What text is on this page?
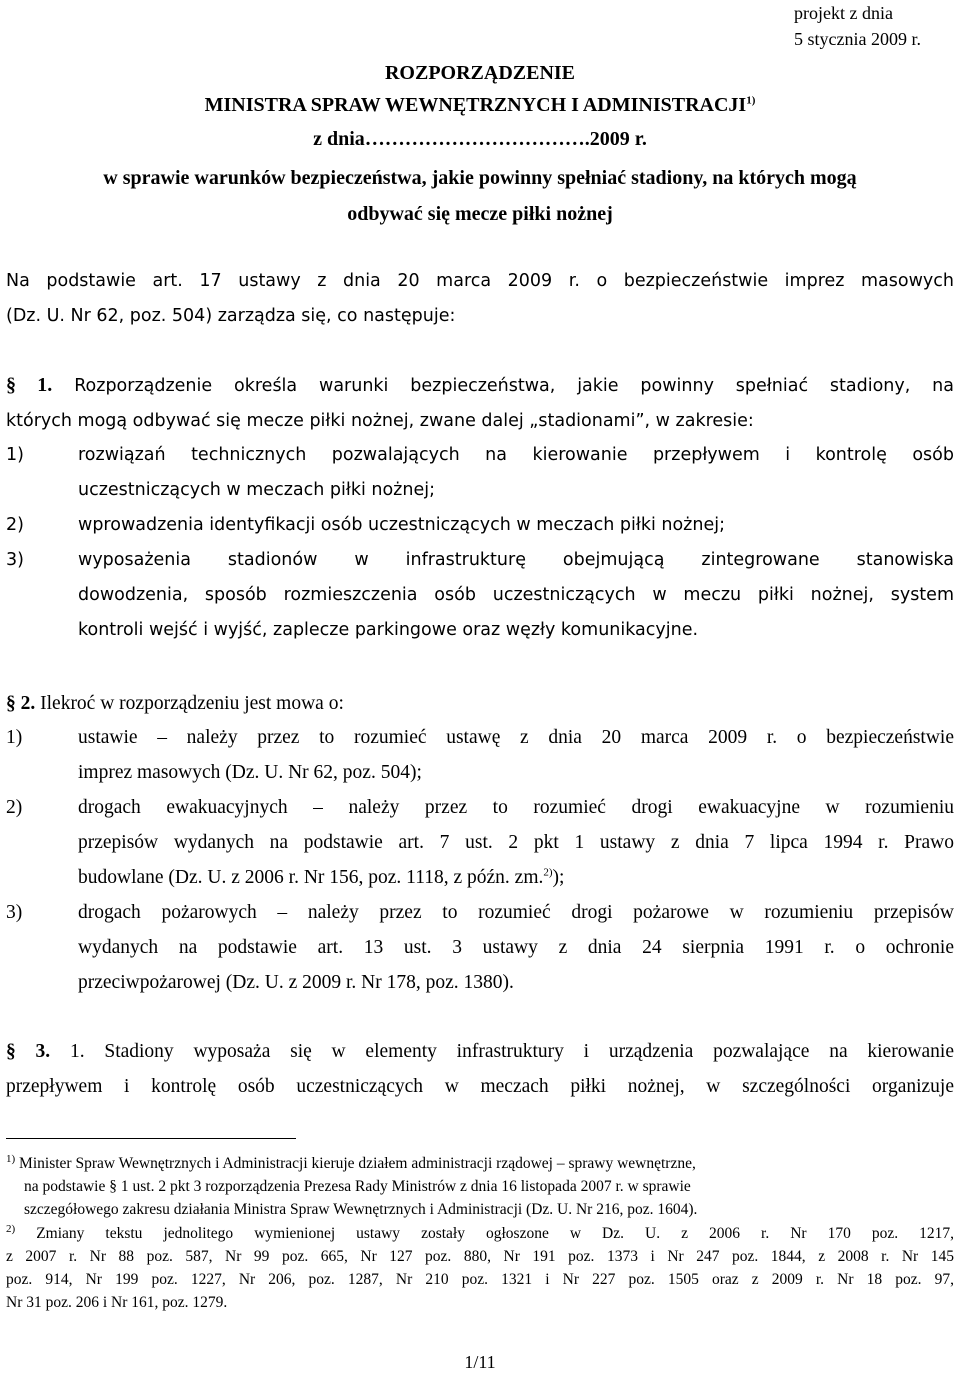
projekt z dnia
5 stycznia 2009 r.
ROZPORZĄDZENIE
MINISTRA SPRAW WEWNĘTRZNYCH I ADMINISTRACJI$^{1)}$
z dnia…………………………….2009 r.
w sprawie warunków bezpieczeństwa, jakie powinny spełniać stadiony, na których mogą
odbywać się mecze piłki nożnej
Na podstawie art. 17 ustawy z dnia 20 marca 2009 r. o bezpieczeństwie imprez masowych
(Dz. U. Nr 62, poz. 504) zarządza się, co następuje:
§ 1. Rozporządzenie określa warunki bezpieczeństwa, jakie powinny spełniać stadiony, na
których mogą odbywać się mecze piłki nożnej, zwane dalej „stadionami”, w zakresie:
1)	rozwiązań technicznych pozwalających na kierowanie przepływem i kontrolę osób
uczestniczących w meczach piłki nożnej;
2)	wprowadzenia identyfikacji osób uczestniczących w meczach piłki nożnej;
3)	wyposażenia stadionów w infrastrukturę obejmującą zintegrowane stanowiska
dowodzenia, sposób rozmieszczenia osób uczestniczących w meczu piłki nożnej, system
kontroli wejść i wyjść, zaplecze parkingowe oraz węzły komunikacyjne.
§ 2. Ilekroć w rozporządzeniu jest mowa o:
1)	ustawie – należy przez to rozumieć ustawę z dnia 20 marca 2009 r. o bezpieczeństwie
imprez masowych (Dz. U. Nr 62, poz. 504);
2)	drogach ewakuacyjnych – należy przez to rozumieć drogi ewakuacyjne w rozumieniu
przepisów wydanych na podstawie art. 7 ust. 2 pkt 1 ustawy z dnia 7 lipca 1994 r. Prawo
budowlane (Dz. U. z 2006 r. Nr 156, poz. 1118, z późn. zm.$^{2)}$);
3)	drogach pożarowych – należy przez to rozumieć drogi pożarowe w rozumieniu przepisów
wydanych na podstawie art. 13 ust. 3 ustawy z dnia 24 sierpnia 1991 r. o ochronie
przeciwpożarowej (Dz. U. z 2009 r. Nr 178, poz. 1380).
§ 3. 1. Stadiony wyposaża się w elementy infrastruktury i urządzenia pozwalające na kierowanie
przepływem i kontrolę osób uczestniczących w meczach piłki nożnej, w szczególności organizuje
$^{1)}$ Minister Spraw Wewnętrznych i Administracji kieruje działem administracji rządowej – sprawy wewnętrzne,
na podstawie § 1 ust. 2 pkt 3 rozporządzenia Prezesa Rady Ministrów z dnia 16 listopada 2007 r. w sprawie
szczegółowego zakresu działania Ministra Spraw Wewnętrznych i Administracji (Dz. U. Nr 216, poz. 1604).
$^{2)}$ Zmiany tekstu jednolitego wymienionej ustawy zostały ogłoszone w Dz. U. z 2006 r. Nr 170 poz. 1217,
z 2007 r. Nr 88 poz. 587, Nr 99 poz. 665, Nr 127 poz. 880, Nr 191 poz. 1373 i Nr 247 poz. 1844, z 2008 r. Nr 145
poz. 914, Nr 199 poz. 1227, Nr 206, poz. 1287, Nr 210 poz. 1321 i Nr 227 poz. 1505 oraz z 2009 r. Nr 18 poz. 97,
Nr 31 poz. 206 i Nr 161, poz. 1279.
1/11
